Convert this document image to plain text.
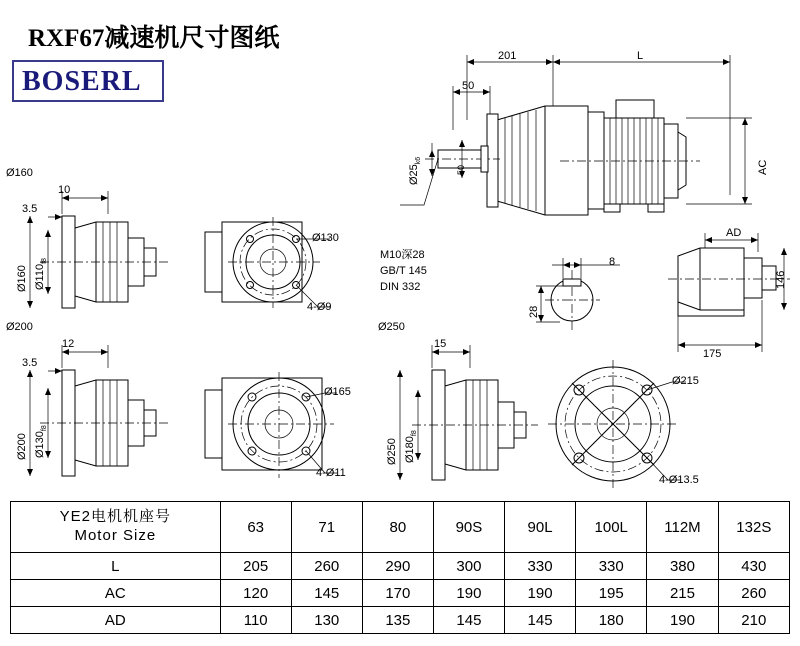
RXF67减速机尺寸图纸
BOSERL
201	L
50
$Ø25_{k6}$
50	AC
M10深28
GB/T 145
DIN 332
8
28
AD
146
175
Ø160
10
3.5
Ø160 $Ø110_{f8}$
Ø130
4-Ø9
Ø200
12
3.5
Ø200 $Ø130_{f8}$
Ø165
4-Ø11
Ø250
15
Ø250 $Ø180_{f8}$
Ø215
4-Ø13.5
YE2电机机座号
Motor Size	63	71	80	90S	90L	100L	112M	132S
L	205	260	290	300	330	330	380	430
AC	120	145	170	190	190	195	215	260
AD	110	130	135	145	145	180	190	210
